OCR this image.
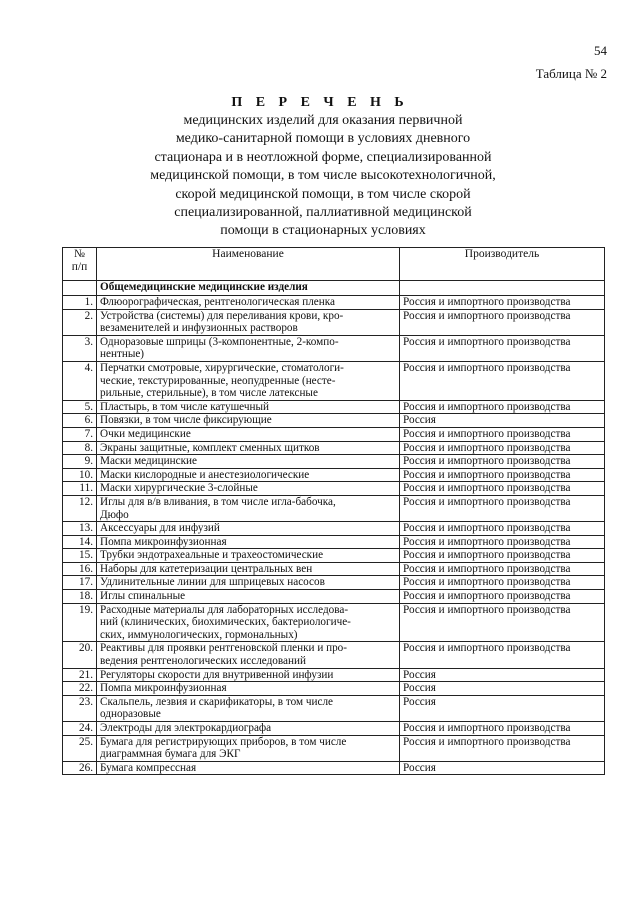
54
Таблица № 2
П Е Р Е Ч Е Н Ь
медицинских изделий для оказания первичной
медико-санитарной помощи в условиях дневного
стационара и в неотложной форме, специализированной
медицинской помощи, в том числе высокотехнологичной,
скорой медицинской помощи, в том числе скорой
специализированной, паллиативной медицинской
помощи в стационарных условиях
№
п/п	Наименование	Производитель
	Общемедицинские медицинские изделия	
1.	Флюорографическая, рентгенологическая пленка	Россия и импортного производства
2.	Устройства (системы) для переливания крови, кро-
везаменителей и инфузионных растворов	Россия и импортного производства
3.	Одноразовые шприцы (3-компонентные, 2-компо-
нентные)	Россия и импортного производства
4.	Перчатки смотровые, хирургические, стоматологи-
ческие, текстурированные, неопудренные (несте-
рильные, стерильные), в том числе латексные	Россия и импортного производства
5.	Пластырь, в том числе катушечный	Россия и импортного производства
6.	Повязки, в том числе фиксирующие	Россия
7.	Очки медицинские	Россия и импортного производства
8.	Экраны защитные, комплект сменных щитков	Россия и импортного производства
9.	Маски медицинские	Россия и импортного производства
10.	Маски кислородные и анестезиологические	Россия и импортного производства
11.	Маски хирургические 3-слойные	Россия и импортного производства
12.	Иглы для в/в вливания, в том числе игла-бабочка,
Дюфо	Россия и импортного производства
13.	Аксессуары для инфузий	Россия и импортного производства
14.	Помпа микроинфузионная	Россия и импортного производства
15.	Трубки эндотрахеальные и трахеостомические	Россия и импортного производства
16.	Наборы для катетеризации центральных вен	Россия и импортного производства
17.	Удлинительные линии для шприцевых насосов	Россия и импортного производства
18.	Иглы спинальные	Россия и импортного производства
19.	Расходные материалы для лабораторных исследова-
ний (клинических, биохимических, бактериологиче-
ских, иммунологических, гормональных)	Россия и импортного производства
20.	Реактивы для проявки рентгеновской пленки и про-
ведения рентгенологических исследований	Россия и импортного производства
21.	Регуляторы скорости для внутривенной инфузии	Россия
22.	Помпа микроинфузионная	Россия
23.	Скальпель, лезвия и скарификаторы, в том числе
одноразовые	Россия
24.	Электроды для электрокардиографа	Россия и импортного производства
25.	Бумага для регистрирующих приборов, в том числе
диаграммная бумага для ЭКГ	Россия и импортного производства
26.	Бумага компрессная	Россия
